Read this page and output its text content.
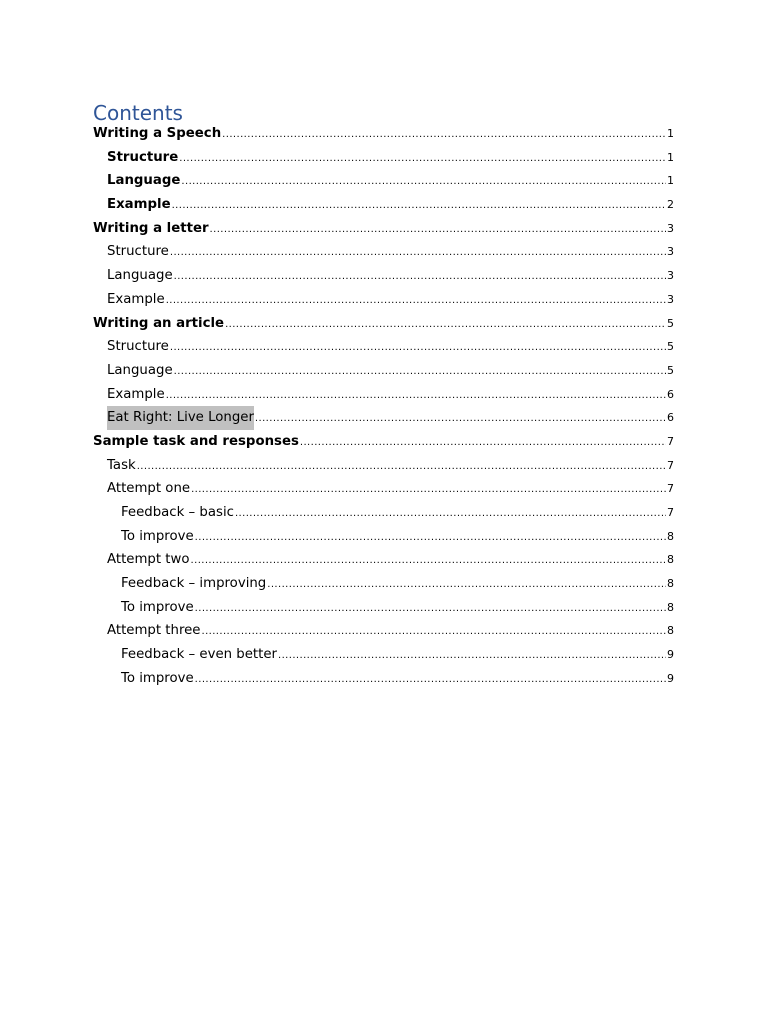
Contents
Writing a Speech .....	1
Structure .....	1
Language .....	1
Example .....	2
Writing a letter .....	3
Structure .....	3
Language .....	3
Example .....	3
Writing an article .....	5
Structure .....	5
Language .....	5
Example .....	6
Eat Right: Live Longer .....	6
Sample task and responses .....	7
Task .....	7
Attempt one .....	7
Feedback – basic .....	7
To improve .....	8
Attempt two .....	8
Feedback – improving .....	8
To improve .....	8
Attempt three .....	8
Feedback – even better .....	9
To improve .....	9
